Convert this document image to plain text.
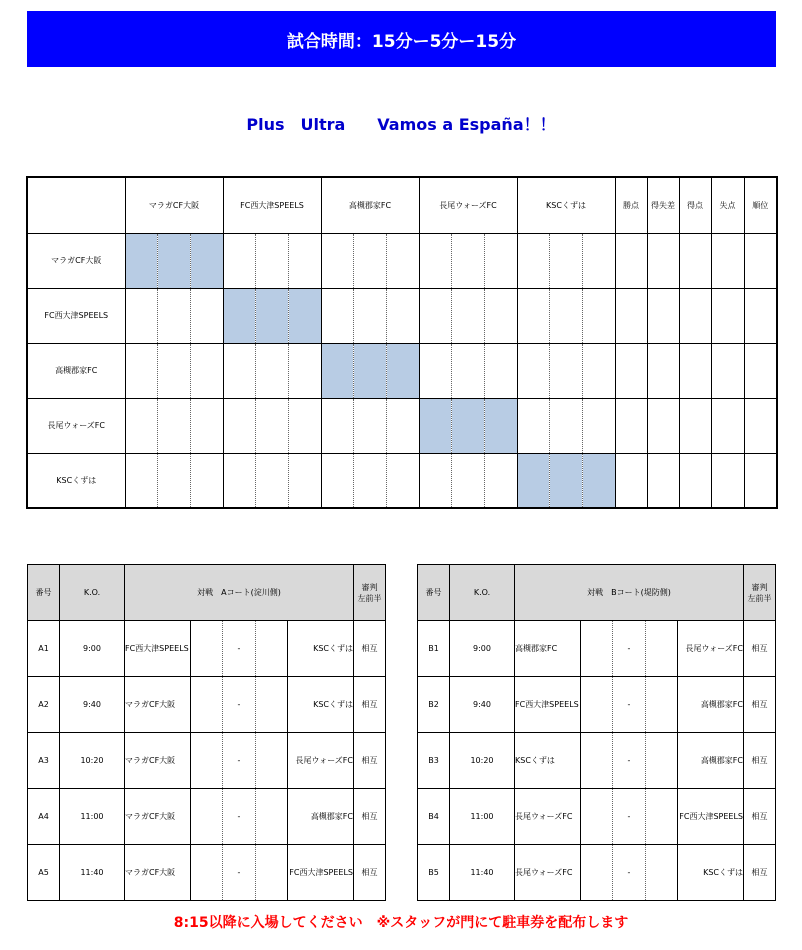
試合時間：15分ー5分ー15分
Plus　Ultra　　Vamos a España！！
	マラガCF大阪			FC西大津SPEELS			高槻郡家FC			長尾ウォーズFC			KSCくずは			勝点	得失差	得点	失点	順位
マラガCF大阪																				
FC西大津SPEELS																				
高槻郡家FC																				
長尾ウォーズFC																				
KSCくずは																				
番号	K.O.	対戦　Aコート(淀川側)					審判
左前半

A1	9:00	FC西大津SPEELS		-		KSCくずは	相互
A2	9:40	マラガCF大阪		-		KSCくずは	相互
A3	10:20	マラガCF大阪		-		長尾ウォーズFC	相互
A4	11:00	マラガCF大阪		-		高槻郡家FC	相互
A5	11:40	マラガCF大阪		-		FC西大津SPEELS	相互
番号	K.O.	対戦　Bコート(堤防側)					審判
左前半

B1	9:00	高槻郡家FC		-		長尾ウォーズFC	相互
B2	9:40	FC西大津SPEELS		-		高槻郡家FC	相互
B3	10:20	KSCくずは		-		高槻郡家FC	相互
B4	11:00	長尾ウォーズFC		-		FC西大津SPEELS	相互
B5	11:40	長尾ウォーズFC		-		KSCくずは	相互
8:15以降に入場してください　※スタッフが門にて駐車券を配布します
